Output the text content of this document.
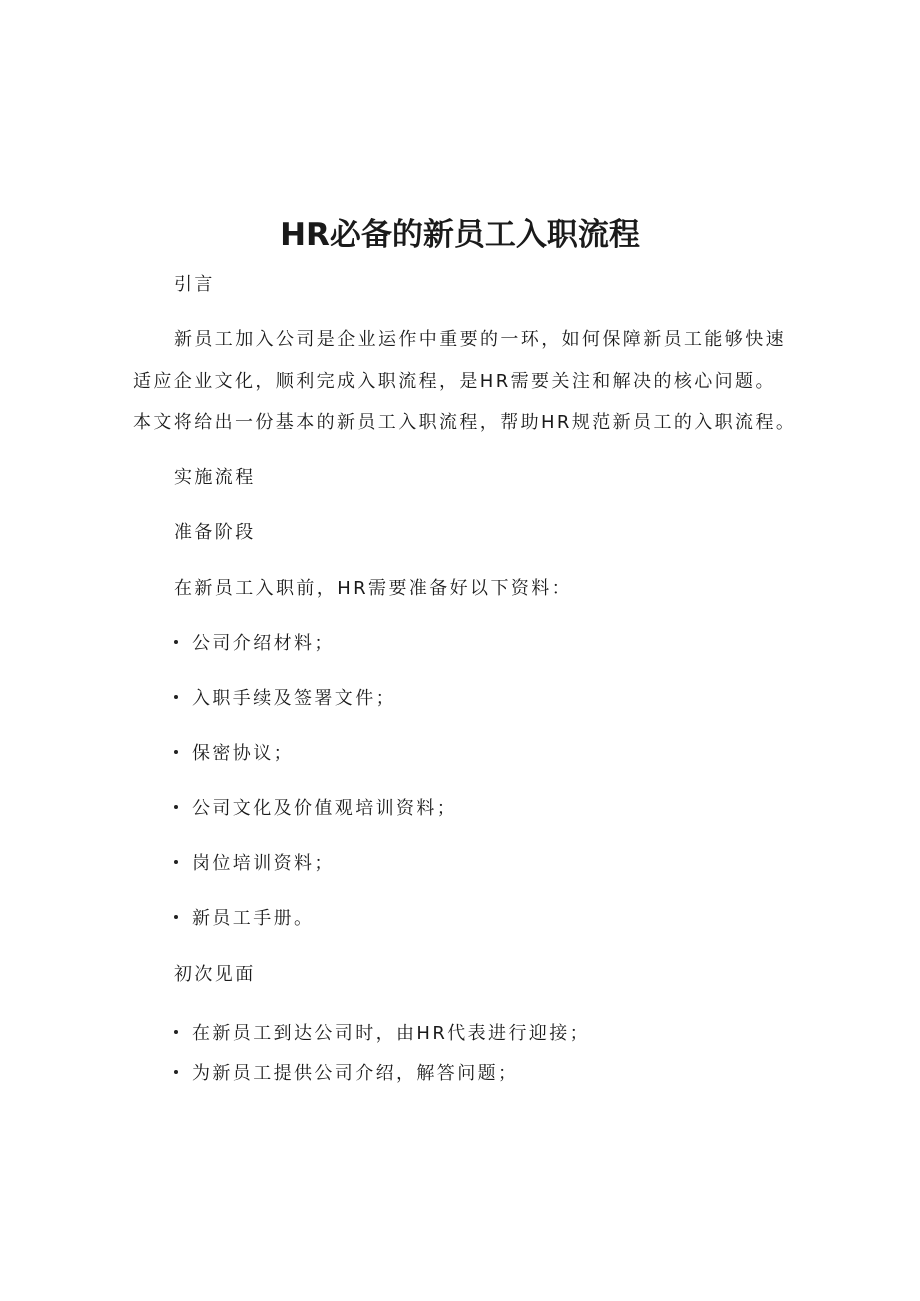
HR必备的新员工入职流程

引言

新员工加入公司是企业运作中重要的一环，如何保障新员工能够快速

适应企业文化，顺利完成入职流程，是HR需要关注和解决的核心问题。

本文将给出一份基本的新员工入职流程，帮助HR规范新员工的入职流程。

实施流程

准备阶段

在新员工入职前，HR需要准备好以下资料：

公司介绍材料；

入职手续及签署文件；

保密协议；

公司文化及价值观培训资料；

岗位培训资料；

新员工手册。

初次见面

在新员工到达公司时，由HR代表进行迎接；

为新员工提供公司介绍，解答问题；
